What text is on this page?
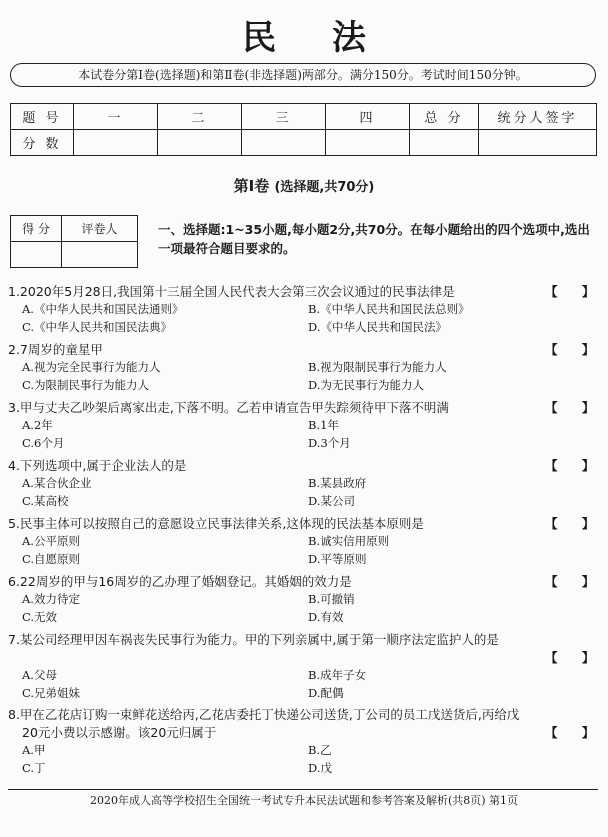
民 法
本试卷分第Ⅰ卷(选择题)和第Ⅱ卷(非选择题)两部分。满分150分。考试时间150分钟。
题 号	一	二	三	四	总 分	统分人签字
分 数						
第Ⅰ卷 (选择题,共70分)
得 分	评卷人
		一、选择题:1~35小题,每小题2分,共70分。在每小题给出的四个选项中,选出一项最符合题目要求的。
1.2020年5月28日,我国第十三届全国人民代表大会第三次会议通过的民事法律是	【 】
A.《中华人民共和国民法通则》	B.《中华人民共和国民法总则》
C.《中华人民共和国民法典》	D.《中华人民共和国民法》
2.7周岁的童星甲	【 】
A.视为完全民事行为能力人	B.视为限制民事行为能力人
C.为限制民事行为能力人	D.为无民事行为能力人
3.甲与丈夫乙吵架后离家出走,下落不明。乙若申请宣告甲失踪须待甲下落不明满	【 】
A.2年	B.1年
C.6个月	D.3个月
4.下列选项中,属于企业法人的是	【 】
A.某合伙企业	B.某县政府
C.某高校	D.某公司
5.民事主体可以按照自己的意愿设立民事法律关系,这体现的民法基本原则是	【 】
A.公平原则	B.诚实信用原则
C.自愿原则	D.平等原则
6.22周岁的甲与16周岁的乙办理了婚姻登记。其婚姻的效力是	【 】
A.效力待定	B.可撤销
C.无效	D.有效
7.某公司经理甲因车祸丧失民事行为能力。甲的下列亲属中,属于第一顺序法定监护人的是
【 】
A.父母	B.成年子女
C.兄弟姐妹	D.配偶
8.甲在乙花店订购一束鲜花送给丙,乙花店委托丁快递公司送货,丁公司的员工戊送货后,丙给戊
20元小费以示感谢。该20元归属于	【 】
A.甲	B.乙
C.丁	D.戊
2020年成人高等学校招生全国统一考试专升本民法试题和参考答案及解析(共8页) 第1页
